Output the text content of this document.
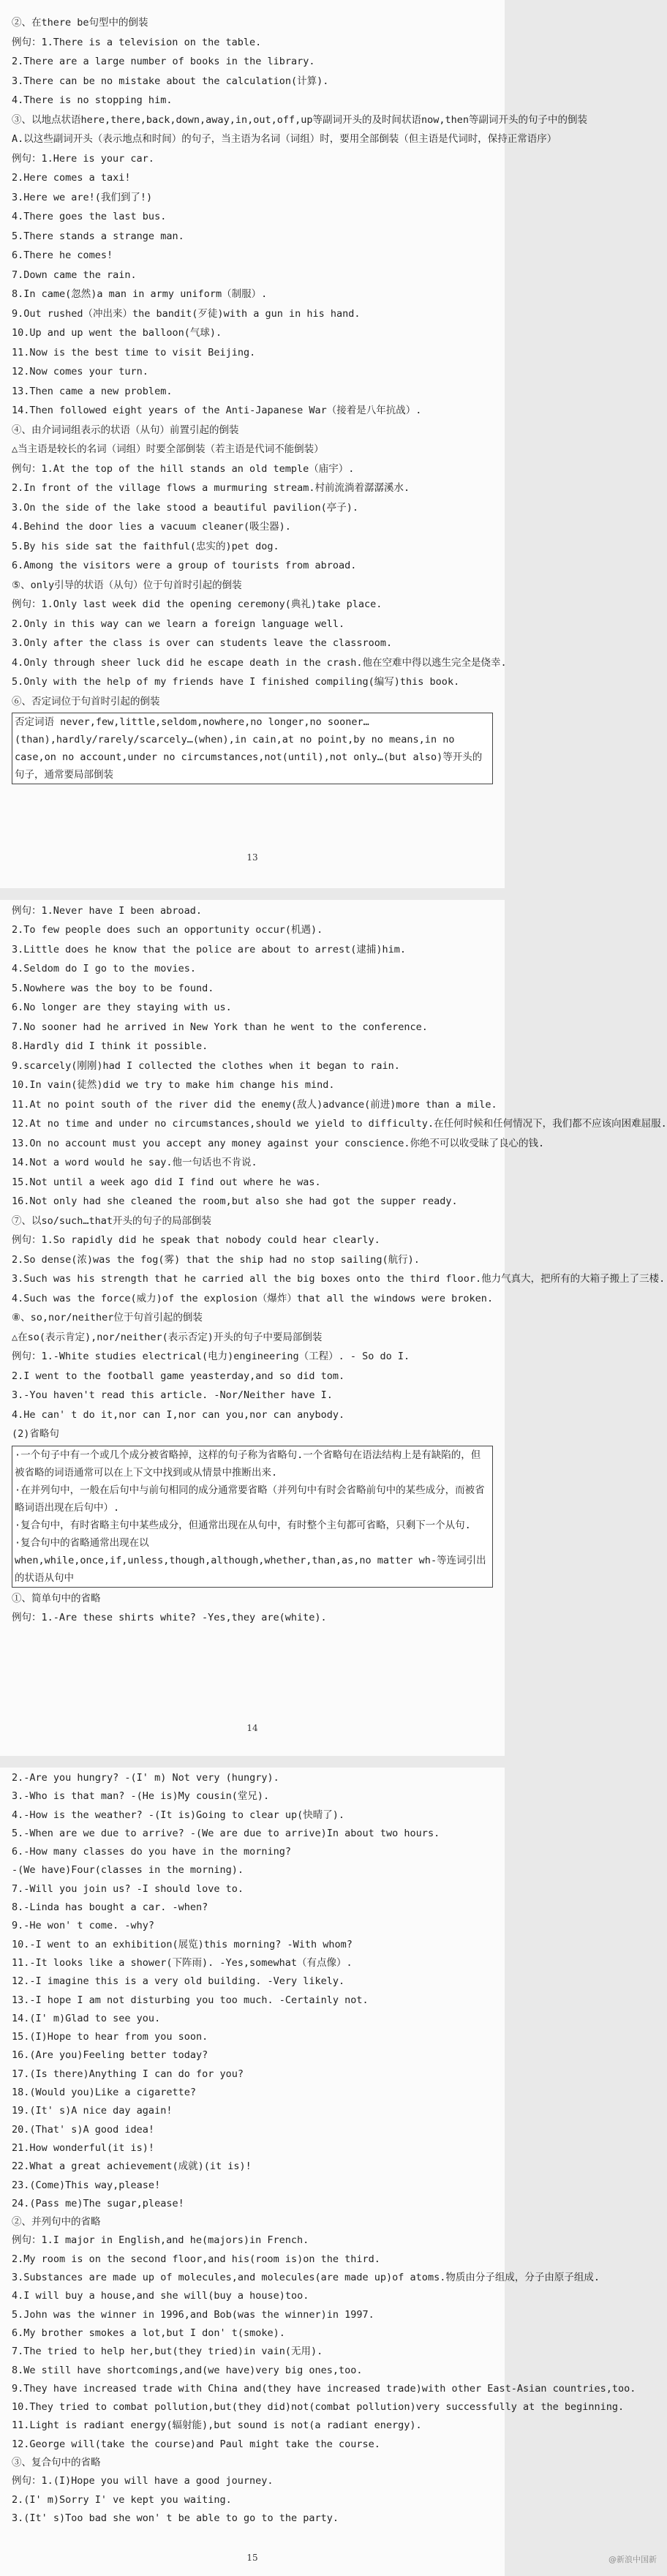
②、在there be句型中的倒装
例句：1.There is a television on the table.
2.There are a large number of books in the library.
3.There can be no mistake about the calculation(计算).
4.There is no stopping him.
③、以地点状语here,there,back,down,away,in,out,off,up等副词开头的及时间状语now,then等副词开头的句子中的倒装
A.以这些副词开头（表示地点和时间）的句子，当主语为名词（词组）时，要用全部倒装（但主语是代词时，保持正常语序）
例句：1.Here is your car.
2.Here comes a taxi!
3.Here we are!(我们到了!)
4.There goes the last bus.
5.There stands a strange man.
6.There he comes!
7.Down came the rain.
8.In came(忽然)a man in army uniform（制服）.
9.Out rushed（冲出来）the bandit(歹徒)with a gun in his hand.
10.Up and up went the balloon(气球).
11.Now is the best time to visit Beijing.
12.Now comes your turn.
13.Then came a new problem.
14.Then followed eight years of the Anti-Japanese War（接着是八年抗战）.
④、由介词词组表示的状语（从句）前置引起的倒装
△当主语是较长的名词（词组）时要全部倒装（若主语是代词不能倒装）
例句：1.At the top of the hill stands an old temple（庙宇）.
2.In front of the village flows a murmuring stream.村前流淌着潺潺溪水.
3.On the side of the lake stood a beautiful pavilion(亭子).
4.Behind the door lies a vacuum cleaner(吸尘器).
5.By his side sat the faithful(忠实的)pet dog.
6.Among the visitors were a group of tourists from abroad.
⑤、only引导的状语（从句）位于句首时引起的倒装
例句：1.Only last week did the opening ceremony(典礼)take place.
2.Only in this way can we learn a foreign language well.
3.Only after the class is over can students leave the classroom.
4.Only through sheer luck did he escape death in the crash.他在空难中得以逃生完全是侥幸.
5.Only with the help of my friends have I finished compiling(编写)this book.
⑥、否定词位于句首时引起的倒装
否定词语 never,few,little,seldom,nowhere,no longer,no sooner…(than),hardly/rarely/scarcely…(when),in cain,at no point,by no means,in no case,on no account,under no circumstances,not(until),not only…(but also)等开头的句子，通常要局部倒装
13
例句：1.Never have I been abroad.
2.To few people does such an opportunity occur(机遇).
3.Little does he know that the police are about to arrest(逮捕)him.
4.Seldom do I go to the movies.
5.Nowhere was the boy to be found.
6.No longer are they staying with us.
7.No sooner had he arrived in New York than he went to the conference.
8.Hardly did I think it possible.
9.scarcely(刚刚)had I collected the clothes when it began to rain.
10.In vain(徒然)did we try to make him change his mind.
11.At no point south of the river did the enemy(敌人)advance(前进)more than a mile.
12.At no time and under no circumstances,should we yield to difficulty.在任何时候和任何情况下，我们都不应该向困难屈服.
13.On no account must you accept any money against your conscience.你绝不可以收受昧了良心的钱.
14.Not a word would he say.他一句话也不肯说.
15.Not until a week ago did I find out where he was.
16.Not only had she cleaned the room,but also she had got the supper ready.
⑦、以so/such…that开头的句子的局部倒装
例句：1.So rapidly did he speak that nobody could hear clearly.
2.So dense(浓)was the fog(雾) that the ship had no stop sailing(航行).
3.Such was his strength that he carried all the big boxes onto the third floor.他力气真大，把所有的大箱子搬上了三楼.
4.Such was the force(威力)of the explosion（爆炸）that all the windows were broken.
⑧、so,nor/neither位于句首引起的倒装
△在so(表示肯定),nor/neither(表示否定)开头的句子中要局部倒装
例句：1.-White studies electrical(电力)engineering（工程）. - So do I.
2.I went to the football game yeasterday,and so did tom.
3.-You haven't read this article. -Nor/Neither have I.
4.He can' t do it,nor can I,nor can you,nor can anybody.
(2)省略句
·一个句子中有一个或几个成分被省略掉，这样的句子称为省略句.一个省略句在语法结构上是有缺陷的，但被省略的词语通常可以在上下文中找到或从情景中推断出来.
·在并列句中，一般在后句中与前句相同的成分通常要省略（并列句中有时会省略前句中的某些成分，而被省略词语出现在后句中）.
·复合句中，有时省略主句中某些成分，但通常出现在从句中，有时整个主句都可省略，只剩下一个从句.
·复合句中的省略通常出现在以 when,while,once,if,unless,though,although,whether,than,as,no matter wh-等连词引出的状语从句中
①、简单句中的省略
例句：1.-Are these shirts white? -Yes,they are(white).
14
2.-Are you hungry? -(I' m) Not very (hungry).
3.-Who is that man? -(He is)My cousin(堂兄).
4.-How is the weather? -(It is)Going to clear up(快晴了).
5.-When are we due to arrive? -(We are due to arrive)In about two hours.
6.-How many classes do you have in the morning?
-(We have)Four(classes in the morning).
7.-Will you join us? -I should love to.
8.-Linda has bought a car. -when?
9.-He won' t come. -why?
10.-I went to an exhibition(展览)this morning? -With whom?
11.-It looks like a shower(下阵雨). -Yes,somewhat（有点像）.
12.-I imagine this is a very old building. -Very likely.
13.-I hope I am not disturbing you too much. -Certainly not.
14.(I' m)Glad to see you.
15.(I)Hope to hear from you soon.
16.(Are you)Feeling better today?
17.(Is there)Anything I can do for you?
18.(Would you)Like a cigarette?
19.(It' s)A nice day again!
20.(That' s)A good idea!
21.How wonderful(it is)!
22.What a great achievement(成就)(it is)!
23.(Come)This way,please!
24.(Pass me)The sugar,please!
②、并列句中的省略
例句：1.I major in English,and he(majors)in French.
2.My room is on the second floor,and his(room is)on the third.
3.Substances are made up of molecules,and molecules(are made up)of atoms.物质由分子组成，分子由原子组成.
4.I will buy a house,and she will(buy a house)too.
5.John was the winner in 1996,and Bob(was the winner)in 1997.
6.My brother smokes a lot,but I don' t(smoke).
7.The tried to help her,but(they tried)in vain(无用).
8.We still have shortcomings,and(we have)very big ones,too.
9.They have increased trade with China and(they have increased trade)with other East-Asian countries,too.
10.They tried to combat pollution,but(they did)not(combat pollution)very successfully at the beginning.
11.Light is radiant energy(辐射能),but sound is not(a radiant energy).
12.George will(take the course)and Paul might take the course.
③、复合句中的省略
例句：1.(I)Hope you will have a good journey.
2.(I' m)Sorry I' ve kept you waiting.
3.(It' s)Too bad she won' t be able to go to the party.
15	@新浪中国新
